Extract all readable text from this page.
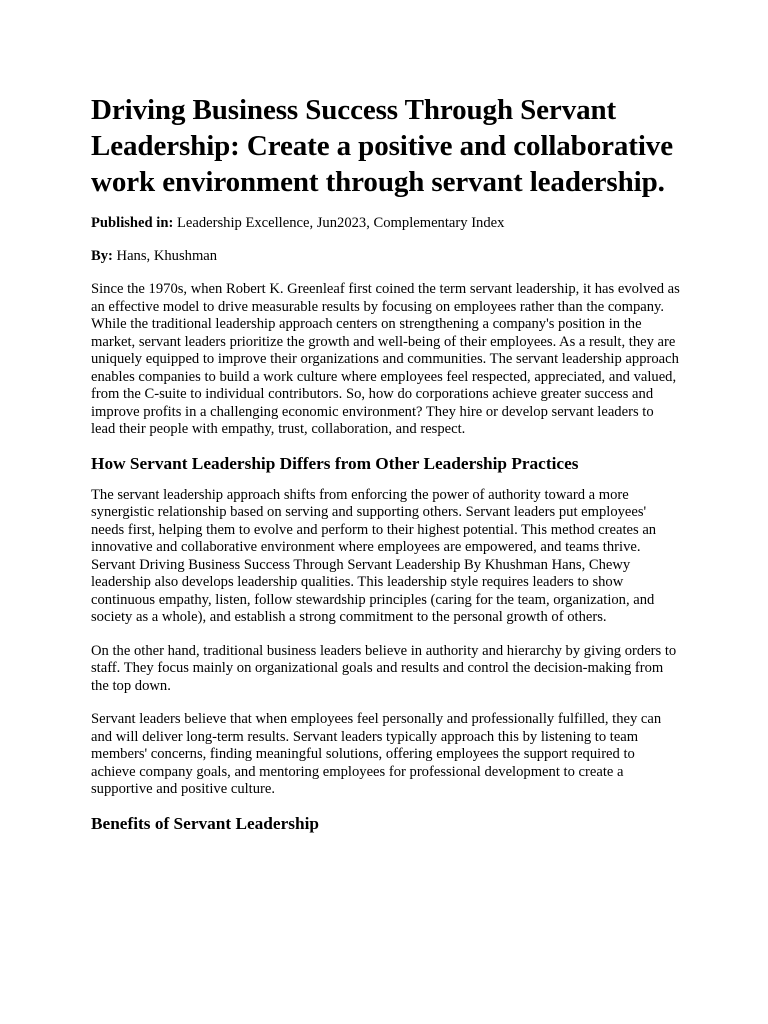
Driving Business Success Through Servant Leadership: Create a positive and collaborative work environment through servant leadership.

Published in: Leadership Excellence, Jun2023, Complementary Index

By: Hans, Khushman

Since the 1970s, when Robert K. Greenleaf first coined the term servant leadership, it has evolved as an effective model to drive measurable results by focusing on employees rather than the company. While the traditional leadership approach centers on strengthening a company's position in the market, servant leaders prioritize the growth and well-being of their employees. As a result, they are uniquely equipped to improve their organizations and communities. The servant leadership approach enables companies to build a work culture where employees feel respected, appreciated, and valued, from the C-suite to individual contributors. So, how do corporations achieve greater success and improve profits in a challenging economic environment? They hire or develop servant leaders to lead their people with empathy, trust, collaboration, and respect.

How Servant Leadership Differs from Other Leadership Practices

The servant leadership approach shifts from enforcing the power of authority toward a more synergistic relationship based on serving and supporting others. Servant leaders put employees' needs first, helping them to evolve and perform to their highest potential. This method creates an innovative and collaborative environment where employees are empowered, and teams thrive. Servant Driving Business Success Through Servant Leadership By Khushman Hans, Chewy leadership also develops leadership qualities. This leadership style requires leaders to show continuous empathy, listen, follow stewardship principles (caring for the team, organization, and society as a whole), and establish a strong commitment to the personal growth of others.

On the other hand, traditional business leaders believe in authority and hierarchy by giving orders to staff. They focus mainly on organizational goals and results and control the decision-making from the top down.

Servant leaders believe that when employees feel personally and professionally fulfilled, they can and will deliver long-term results. Servant leaders typically approach this by listening to team members' concerns, finding meaningful solutions, offering employees the support required to achieve company goals, and mentoring employees for professional development to create a supportive and positive culture.

Benefits of Servant Leadership
